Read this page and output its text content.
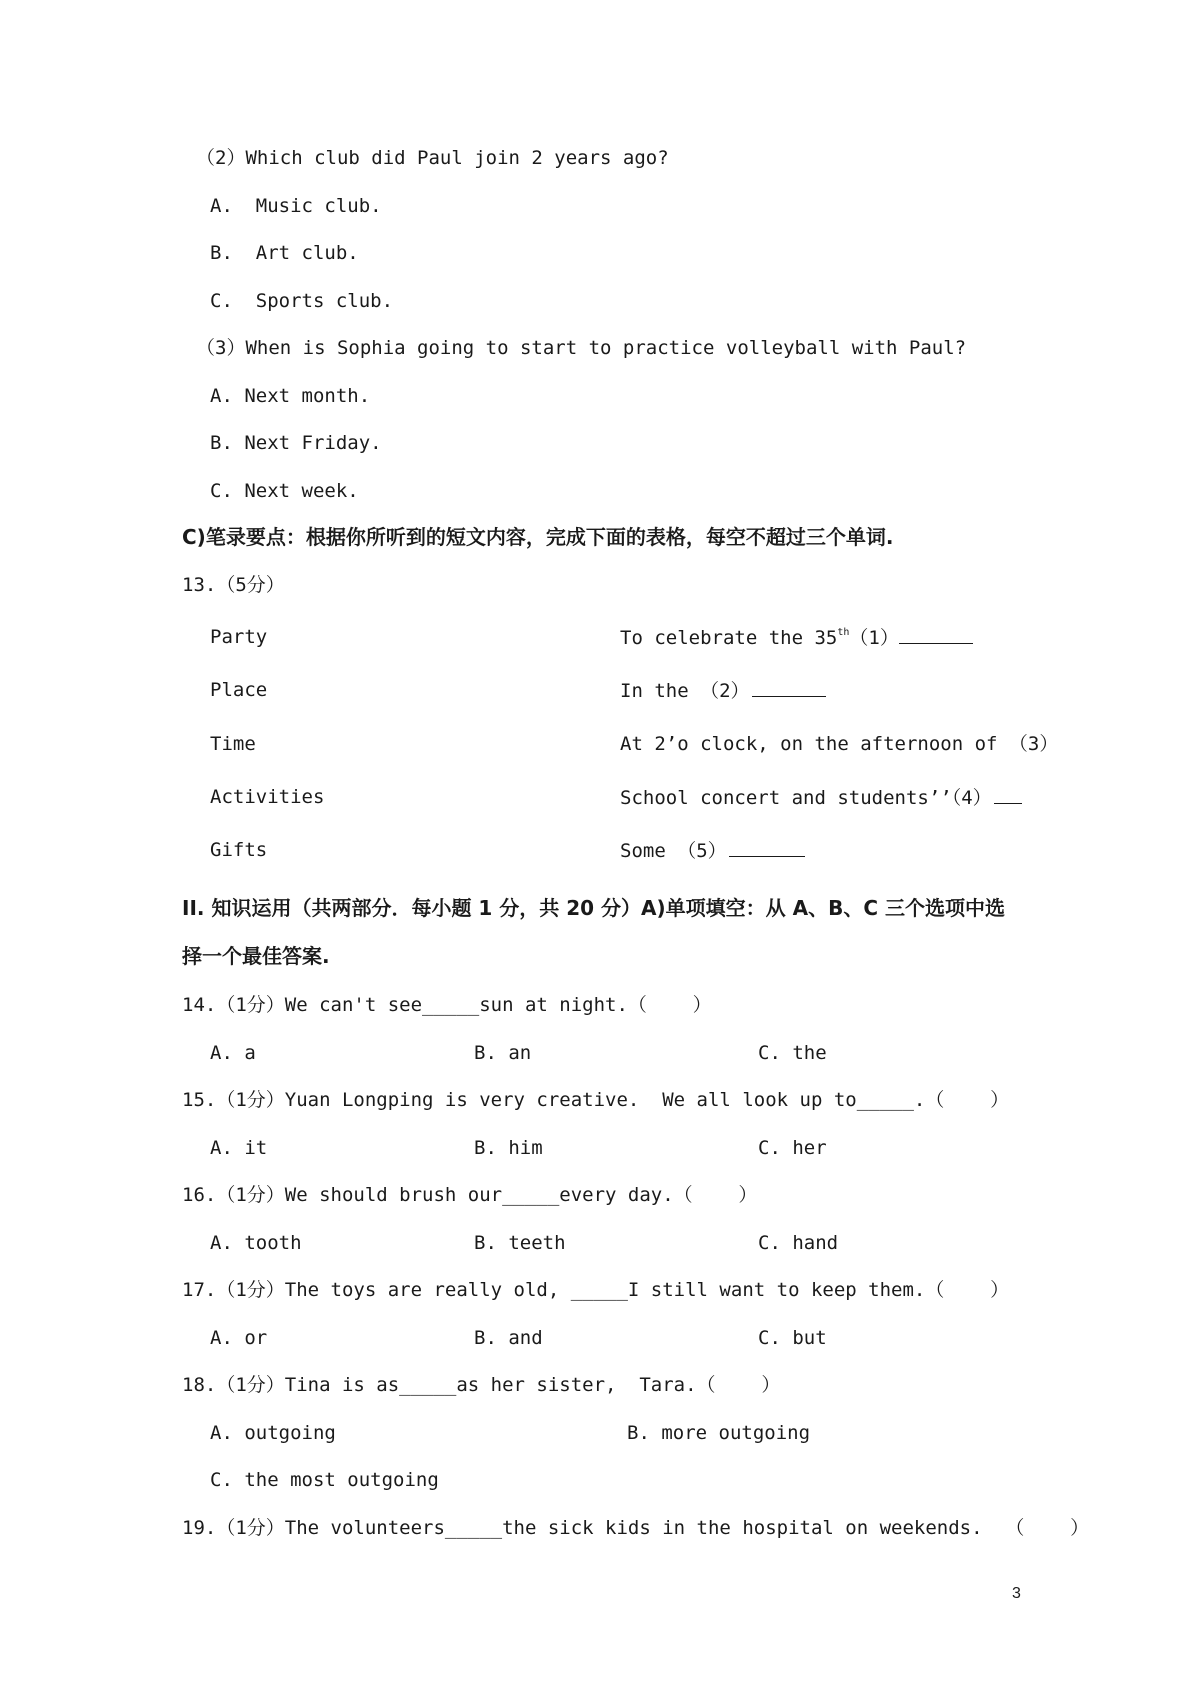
（2）Which club did Paul join 2 years ago?
A.  Music club.
B.  Art club.
C.  Sports club.
（3）When is Sophia going to start to practice volleyball with Paul?
A. Next month.
B. Next Friday.
C. Next week.
C)笔录要点：根据你所听到的短文内容，完成下面的表格，每空不超过三个单词.
13.（5分）
Party	To celebrate the 35th（1）
Place	In the （2）
Time	At 2’o clock, on the afternoon of （3）
Activities	School concert and students’’（4）
Gifts	Some （5）
II. 知识运用（共两部分．每小题 1 分，共 20 分）A)单项填空：从 A、B、C 三个选项中选
择一个最佳答案.
14.（1分）We can't see_____sun at night.（    ）
A. a	B. an	C. the
15.（1分）Yuan Longping is very creative.  We all look up to_____.（    ）
A. it	B. him	C. her
16.（1分）We should brush our_____every day.（    ）
A. tooth	B. teeth	C. hand
17.（1分）The toys are really old, _____I still want to keep them.（    ）
A. or	B. and	C. but
18.（1分）Tina is as_____as her sister,  Tara.（    ）
A. outgoing	B. more outgoing
C. the most outgoing
19.（1分）The volunteers_____the sick kids in the hospital on weekends.  （    ）
3
